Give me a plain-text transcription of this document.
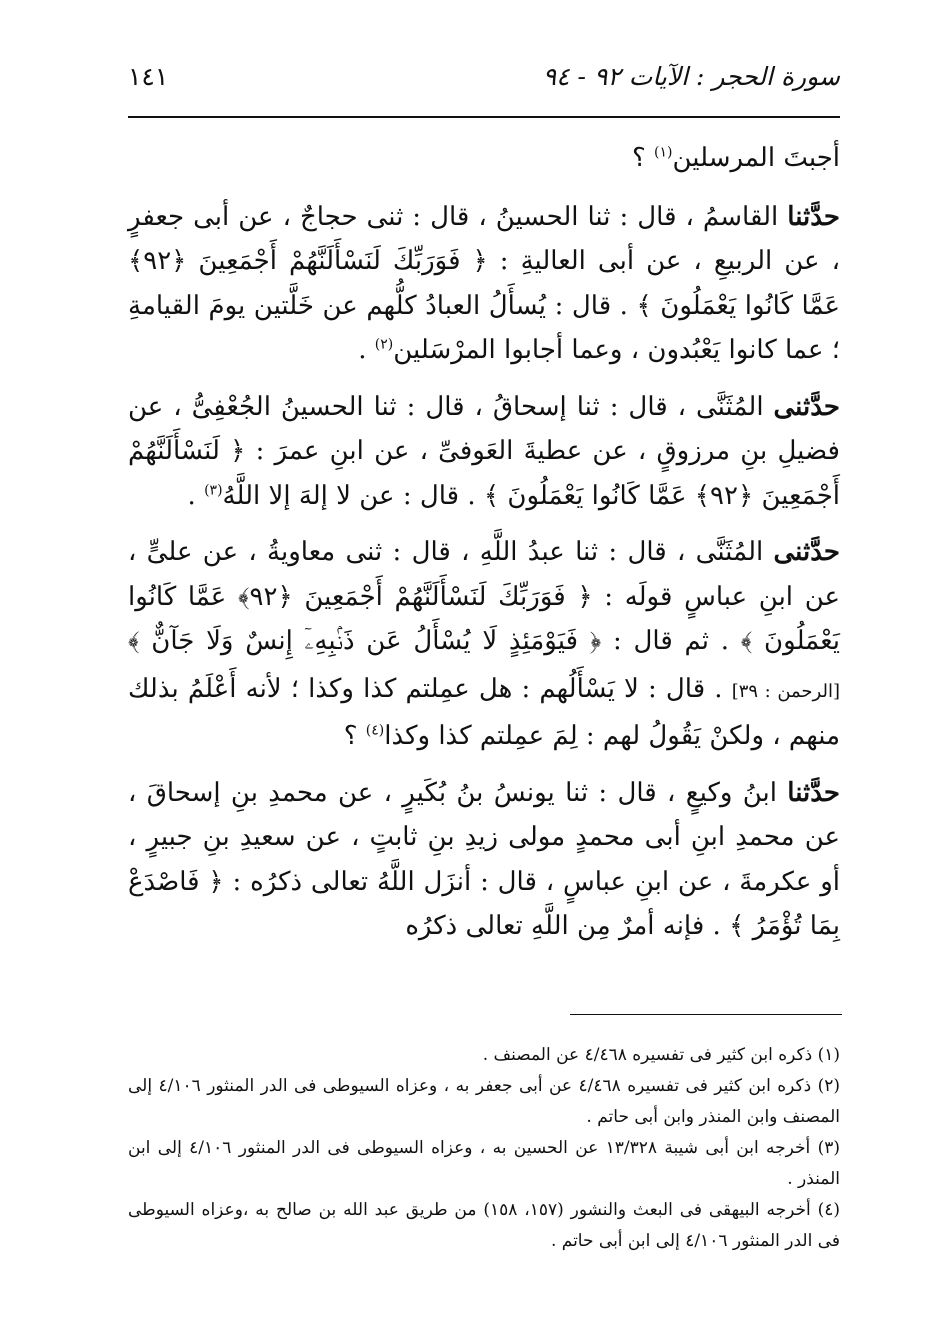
سورة الحجر : الآيات ٩٢ - ٩٤
١٤١

أجبتَ المرسلين$^{(١)}$ ؟

حدَّثنا القاسمُ ، قال : ثنا الحسينُ ، قال : ثنى حجاجٌ ، عن أبى جعفرٍ ، عن الربيعِ ، عن أبى العاليةِ : ﴿ فَوَرَبِّكَ لَنَسْأَلَنَّهُمْ أَجْمَعِينَ ﴿٩٢﴾ عَمَّا كَانُوا يَعْمَلُونَ ﴾ . قال : يُسأَلُ العبادُ كلُّهم عن خَلَّتين يومَ القيامةِ ؛ عما كانوا يَعْبُدون ، وعما أجابوا المرْسَلين$^{(٢)}$ .

حدَّثنى المُثَنَّى ، قال : ثنا إسحاقُ ، قال : ثنا الحسينُ الجُعْفِىُّ ، عن فضيلِ بنِ مرزوقٍ ، عن عطيةَ العَوفىِّ ، عن ابنِ عمرَ : ﴿ لَنَسْأَلَنَّهُمْ أَجْمَعِينَ ﴿٩٢﴾ عَمَّا كَانُوا يَعْمَلُونَ ﴾ . قال : عن لا إلهَ إلا اللَّهُ$^{(٣)}$ .

حدَّثنى المُثَنَّى ، قال : ثنا عبدُ اللَّهِ ، قال : ثنى معاويةُ ، عن علىٍّ ، عن ابنِ عباسٍ قولَه : ﴿ فَوَرَبِّكَ لَنَسْأَلَنَّهُمْ أَجْمَعِينَ ﴿٩٢﴾ عَمَّا كَانُوا يَعْمَلُونَ ﴾ . ثم قال : ﴿ فَيَوْمَئِذٍ لَا يُسْأَلُ عَن ذَنۢبِهِۦٓ إِنسٌ وَلَا جَآنٌّ ﴾ [الرحمن : ٣٩] . قال : لا يَسْأَلُهم : هل عمِلتم كذا وكذا ؛ لأنه أَعْلَمُ بذلك منهم ، ولكنْ يَقُولُ لهم : لِمَ عمِلتم كذا وكذا$^{(٤)}$ ؟

حدَّثنا ابنُ وكيعٍ ، قال : ثنا يونسُ بنُ بُكَيرٍ ، عن محمدِ بنِ إسحاقَ ، عن محمدِ ابنِ أبى محمدٍ مولى زيدِ بنِ ثابتٍ ، عن سعيدِ بنِ جبيرٍ ، أو عكرمةَ ، عن ابنِ عباسٍ ، قال : أنزَل اللَّهُ تعالى ذكرُه : ﴿ فَاصْدَعْ بِمَا تُؤْمَرُ ﴾ . فإنه أمرٌ مِن اللَّهِ تعالى ذكرُه

(١) ذكره ابن كثير فى تفسيره ٤/٤٦٨ عن المصنف .

(٢) ذكره ابن كثير فى تفسيره ٤/٤٦٨ عن أبى جعفر به ، وعزاه السيوطى فى الدر المنثور ٤/١٠٦ إلى المصنف وابن المنذر وابن أبى حاتم .

(٣) أخرجه ابن أبى شيبة ١٣/٣٢٨ عن الحسين به ، وعزاه السيوطى فى الدر المنثور ٤/١٠٦ إلى ابن المنذر .

(٤) أخرجه البيهقى فى البعث والنشور (١٥٧، ١٥٨) من طريق عبد الله بن صالح به ،وعزاه السيوطى فى الدر المنثور ٤/١٠٦ إلى ابن أبى حاتم .
